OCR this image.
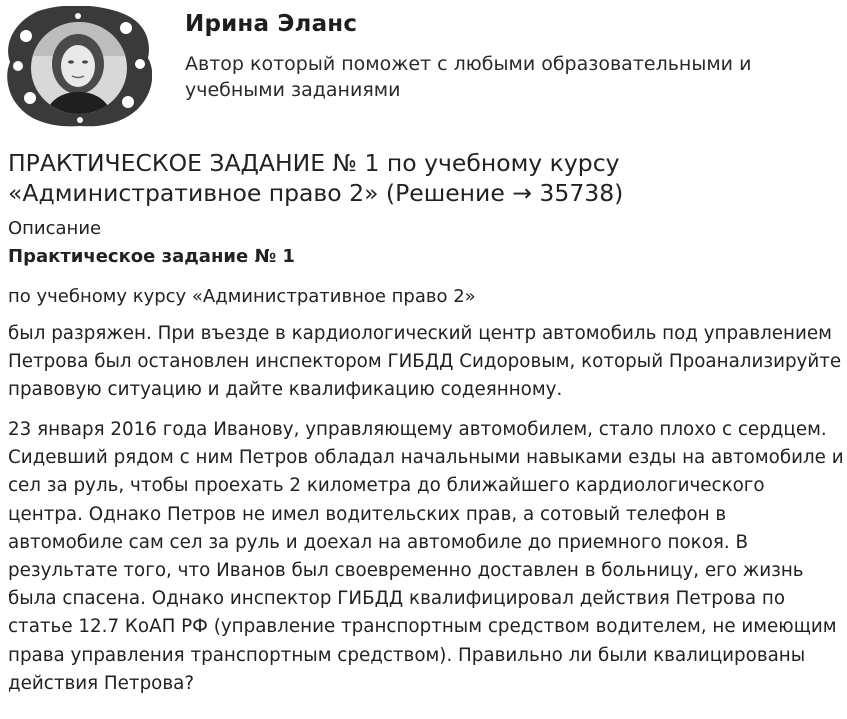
Ирина Эланс
Автор который поможет с любыми образовательными и учебными заданиями
ПРАКТИЧЕСКОЕ ЗАДАНИЕ № 1 по учебному курсу «Административное право 2» (Решение → 35738)
Описание
Практическое задание № 1
по учебному курсу «Административное право 2»

был разряжен. При въезде в кардиологический центр автомобиль под управлением Петрова был остановлен инспектором ГИБДД Сидоровым, который Проанализируйте правовую ситуацию и дайте квалификацию содеянному.

23 января 2016 года Иванову, управляющему автомобилем, стало плохо с сердцем. Сидевший рядом с ним Петров обладал начальными навыками езды на автомобиле и сел за руль, чтобы проехать 2 километра до ближайшего кардиологического центра. Однако Петров не имел водительских прав, а сотовый телефон в автомобиле сам сел за руль и доехал на автомобиле до приемного покоя. В результате того, что Иванов был своевременно доставлен в больницу, его жизнь была спасена. Однако инспектор ГИБДД квалифицировал действия Петрова по статье 12.7 КоАП РФ (управление транспортным средством водителем, не имеющим права управления транспортным средством). Правильно ли были квалицированы действия Петрова?
